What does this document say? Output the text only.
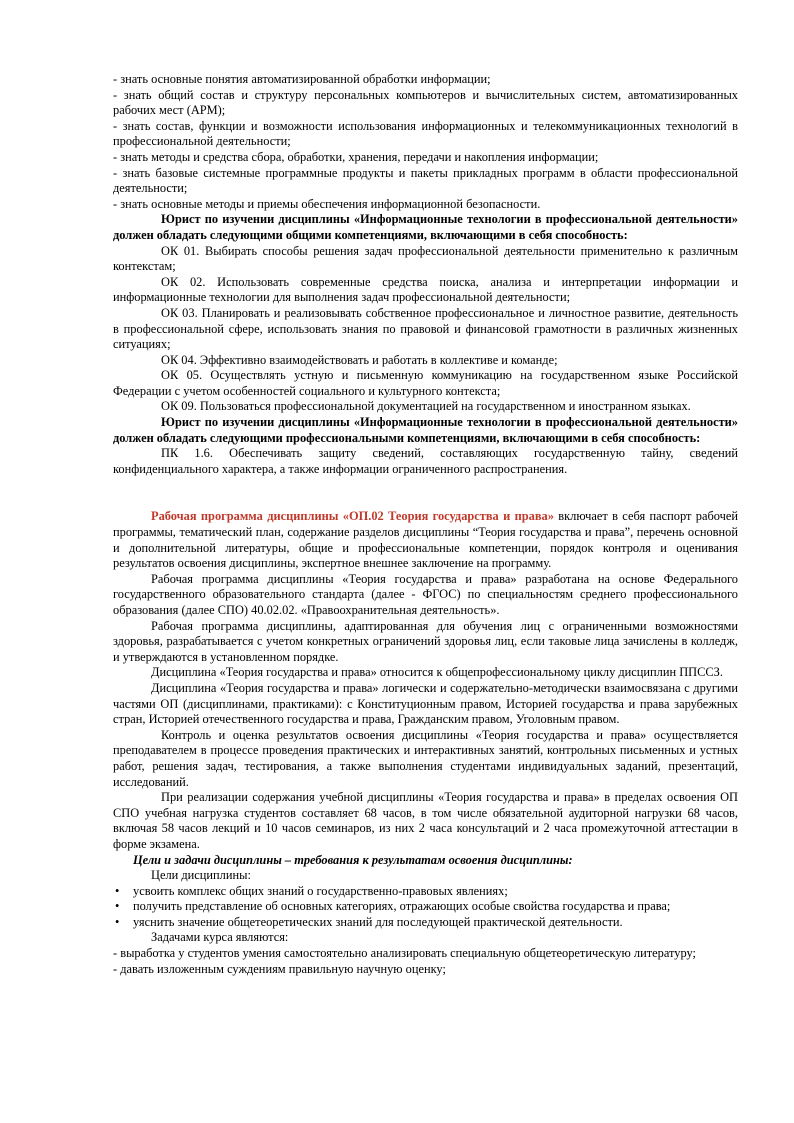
- знать основные понятия автоматизированной обработки информации;

- знать общий состав и структуру персональных компьютеров и вычислительных систем, автоматизированных рабочих мест (АРМ);

- знать состав, функции и возможности использования информационных и телекоммуникационных технологий в профессиональной деятельности;

- знать методы и средства сбора, обработки, хранения, передачи и накопления информации;

- знать базовые системные программные продукты и пакеты прикладных программ в области профессиональной деятельности;

- знать основные методы и приемы обеспечения информационной безопасности.

Юрист по изучении дисциплины «Информационные технологии в профессиональной деятельности» должен обладать следующими общими компетенциями, включающими в себя способность:

ОК 01. Выбирать способы решения задач профессиональной деятельности применительно к различным контекстам;

ОК 02. Использовать современные средства поиска, анализа и интерпретации информации и информационные технологии для выполнения задач профессиональной деятельности;

ОК 03. Планировать и реализовывать собственное профессиональное и личностное развитие, деятельность в профессиональной сфере, использовать знания по правовой и финансовой грамотности в различных жизненных ситуациях;

ОК 04. Эффективно взаимодействовать и работать в коллективе и команде;

ОК 05. Осуществлять устную и письменную коммуникацию на государственном языке Российской Федерации с учетом особенностей социального и культурного контекста;

ОК 09. Пользоваться профессиональной документацией на государственном и иностранном языках.

Юрист по изучении дисциплины «Информационные технологии в профессиональной деятельности» должен обладать следующими профессиональными компетенциями, включающими в себя способность:

ПК 1.6. Обеспечивать защиту сведений, составляющих государственную тайну, сведений конфиденциального характера, а также информации ограниченного распространения.

Рабочая программа дисциплины «ОП.02 Теория государства и права» включает в себя паспорт рабочей программы, тематический план, содержание разделов дисциплины “Теория государства и права”, перечень основной и дополнительной литературы, общие и профессиональные компетенции, порядок контроля и оценивания результатов освоения дисциплины, экспертное внешнее заключение на программу.

Рабочая программа дисциплины «Теория государства и права» разработана на основе Федерального государственного образовательного стандарта (далее - ФГОС) по специальностям среднего профессионального образования (далее СПО) 40.02.02. «Правоохранительная деятельность».

Рабочая программа дисциплины, адаптированная для обучения лиц с ограниченными возможностями здоровья, разрабатывается с учетом конкретных ограничений здоровья лиц, если таковые лица зачислены в колледж, и утверждаются в установленном порядке.

Дисциплина «Теория государства и права» относится к общепрофессиональному циклу дисциплин ППССЗ.

Дисциплина «Теория государства и права» логически и содержательно-методически взаимосвязана с другими частями ОП (дисциплинами, практиками): с Конституционным правом, Историей государства и права зарубежных стран, Историей отечественного государства и права, Гражданским правом, Уголовным правом.

Контроль и оценка результатов освоения дисциплины «Теория государства и права» осуществляется преподавателем в процессе проведения практических и интерактивных занятий, контрольных письменных и устных работ, решения задач, тестирования, а также выполнения студентами индивидуальных заданий, презентаций, исследований.

При реализации содержания учебной дисциплины «Теория государства и права» в пределах освоения ОП СПО учебная нагрузка студентов составляет 68 часов, в том числе обязательной аудиторной нагрузки 68 часов, включая 58 часов лекций и 10 часов семинаров, из них 2 часа консультаций и 2 часа промежуточной аттестации в форме экзамена.

Цели и задачи дисциплины – требования к результатам освоения дисциплины:

Цели дисциплины:

• усвоить комплекс общих знаний о государственно-правовых явлениях;
• получить представление об основных категориях, отражающих особые свойства государства и права;
• уяснить значение общетеоретических знаний для последующей практической деятельности.

Задачами курса являются:

- выработка у студентов умения самостоятельно анализировать специальную общетеоретическую литературу;

- давать изложенным суждениям правильную научную оценку;
